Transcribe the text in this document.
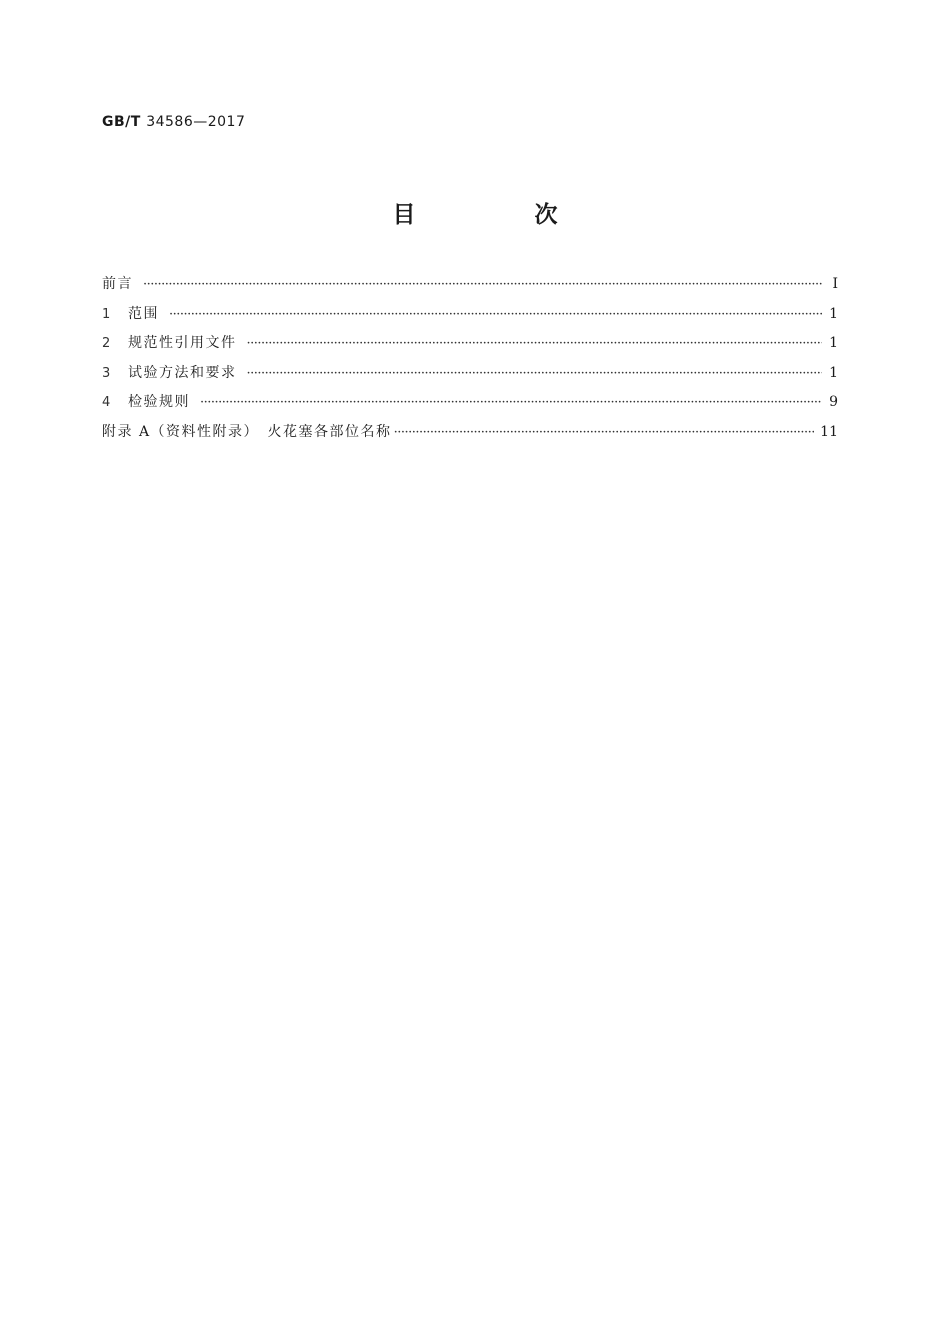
GB/T 34586—2017
目　次
前言 ·····	Ⅰ
1	范围 ·····	1
2	规范性引用文件 ·····	1
3	试验方法和要求 ·····	1
4	检验规则 ·····	9
附录 A（资料性附录）　火花塞各部位名称 ·····	11
